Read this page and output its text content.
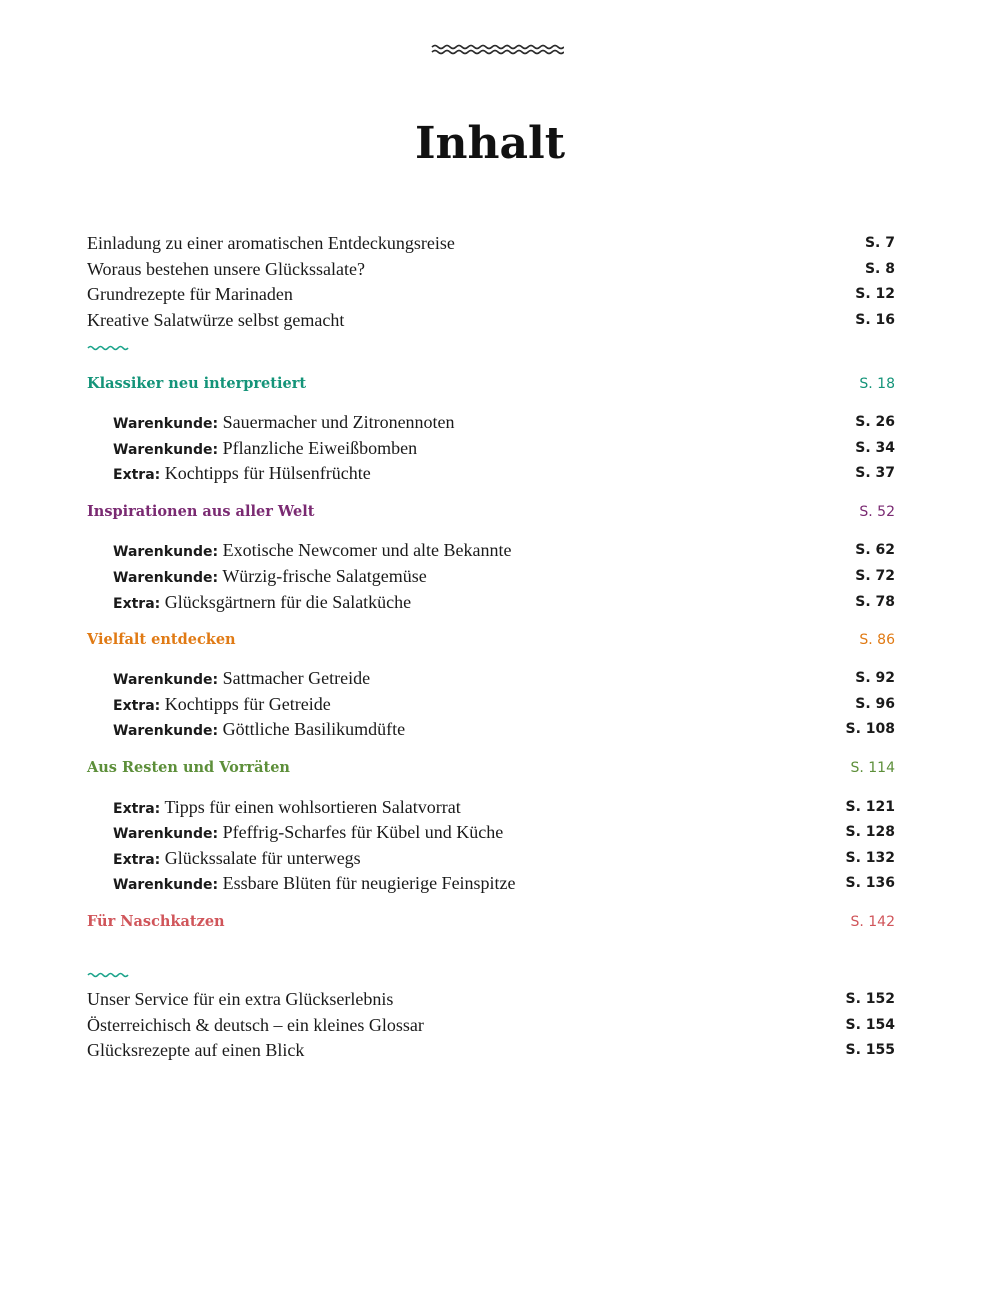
Inhalt
Einladung zu einer aromatischen Entdeckungsreise	S. 7
Woraus bestehen unsere Glückssalate?	S. 8
Grundrezepte für Marinaden	S. 12
Kreative Salatwürze selbst gemacht	S. 16
Klassiker neu interpretiert	S. 18
Warenkunde: Sauermacher und Zitronennoten	S. 26
Warenkunde: Pflanzliche Eiweißbomben	S. 34
Extra: Kochtipps für Hülsenfrüchte	S. 37
Inspirationen aus aller Welt	S. 52
Warenkunde: Exotische Newcomer und alte Bekannte	S. 62
Warenkunde: Würzig-frische Salatgemüse	S. 72
Extra: Glücksgärtnern für die Salatküche	S. 78
Vielfalt entdecken	S. 86
Warenkunde: Sattmacher Getreide	S. 92
Extra: Kochtipps für Getreide	S. 96
Warenkunde: Göttliche Basilikumdüfte	S. 108
Aus Resten und Vorräten	S. 114
Extra: Tipps für einen wohlsortieren Salatvorrat	S. 121
Warenkunde: Pfeffrig-Scharfes für Kübel und Küche	S. 128
Extra: Glückssalate für unterwegs	S. 132
Warenkunde: Essbare Blüten für neugierige Feinspitze	S. 136
Für Naschkatzen	S. 142
Unser Service für ein extra Glückserlebnis	S. 152
Österreichisch & deutsch – ein kleines Glossar	S. 154
Glücksrezepte auf einen Blick	S. 155
